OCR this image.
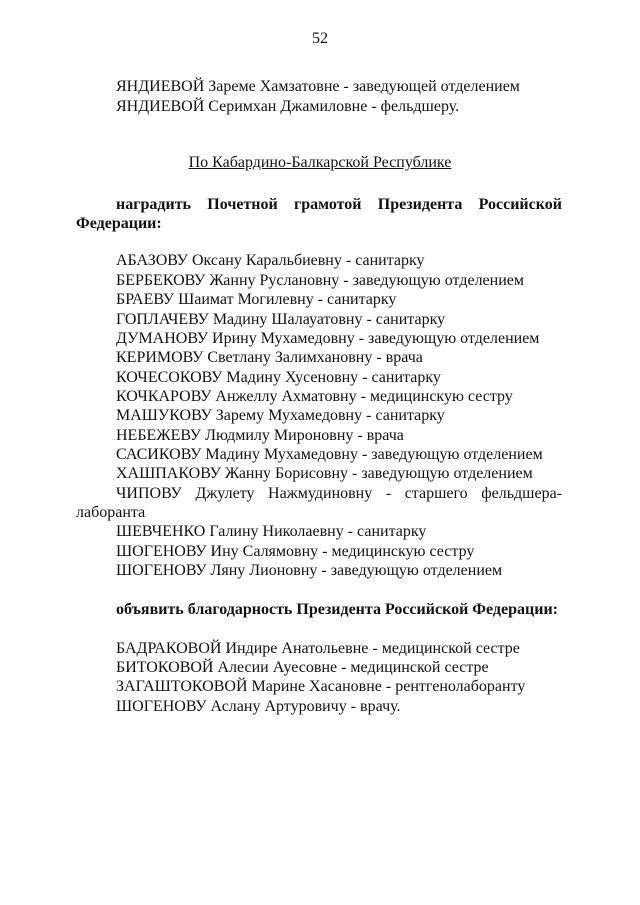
52
ЯНДИЕВОЙ Зареме Хамзатовне - заведующей отделением
ЯНДИЕВОЙ Серимхан Джамиловне - фельдшеру.
По Кабардино-Балкарской Республике
наградить Почетной грамотой Президента Российской
Федерации:
АБАЗОВУ Оксану Каральбиевну - санитарку
БЕРБЕКОВУ Жанну Руслановну - заведующую отделением
БРАЕВУ Шаимат Могилевну - санитарку
ГОПЛАЧЕВУ Мадину Шалауатовну - санитарку
ДУМАНОВУ Ирину Мухамедовну - заведующую отделением
КЕРИМОВУ Светлану Залимхановну - врача
КОЧЕСОКОВУ Мадину Хусеновну - санитарку
КОЧКАРОВУ Анжеллу Ахматовну - медицинскую сестру
МАШУКОВУ Зарему Мухамедовну - санитарку
НЕБЕЖЕВУ Людмилу Мироновну - врача
САСИКОВУ Мадину Мухамедовну - заведующую отделением
ХАШПАКОВУ Жанну Борисовну - заведующую отделением
ЧИПОВУ Джулету Нажмудиновну - старшего фельдшера-
лаборанта
ШЕВЧЕНКО Галину Николаевну - санитарку
ШОГЕНОВУ Ину Салямовну - медицинскую сестру
ШОГЕНОВУ Ляну Лионовну - заведующую отделением
объявить благодарность Президента Российской Федерации:
БАДРАКОВОЙ Индире Анатольевне - медицинской сестре
БИТОКОВОЙ Алесии Ауесовне - медицинской сестре
ЗАГАШТОКОВОЙ Марине Хасановне - рентгенолаборанту
ШОГЕНОВУ Аслану Артуровичу - врачу.
